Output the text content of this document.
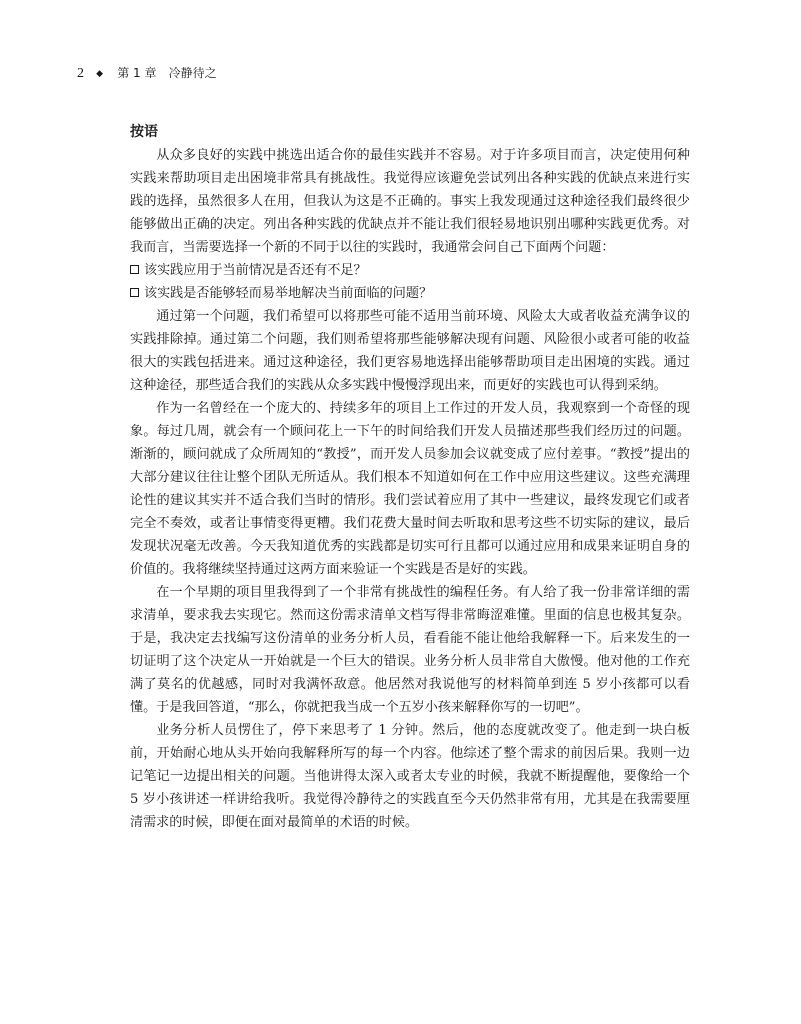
2 ◆ 第 1 章 冷静待之
按语

从众多良好的实践中挑选出适合你的最佳实践并不容易。对于许多项目而言，决定使用何种实践来帮助项目走出困境非常具有挑战性。我觉得应该避免尝试列出各种实践的优缺点来进行实践的选择，虽然很多人在用，但我认为这是不正确的。事实上我发现通过这种途径我们最终很少能够做出正确的决定。列出各种实践的优缺点并不能让我们很轻易地识别出哪种实践更优秀。对我而言，当需要选择一个新的不同于以往的实践时，我通常会问自己下面两个问题：

该实践应用于当前情况是否还有不足？

该实践是否能够轻而易举地解决当前面临的问题？

通过第一个问题，我们希望可以将那些可能不适用当前环境、风险太大或者收益充满争议的实践排除掉。通过第二个问题，我们则希望将那些能够解决现有问题、风险很小或者可能的收益很大的实践包括进来。通过这种途径，我们更容易地选择出能够帮助项目走出困境的实践。通过这种途径，那些适合我们的实践从众多实践中慢慢浮现出来，而更好的实践也可认得到采纳。

作为一名曾经在一个庞大的、持续多年的项目上工作过的开发人员，我观察到一个奇怪的现象。每过几周，就会有一个顾问花上一下午的时间给我们开发人员描述那些我们经历过的问题。渐渐的，顾问就成了众所周知的“教授”，而开发人员参加会议就变成了应付差事。“教授”提出的大部分建议往往让整个团队无所适从。我们根本不知道如何在工作中应用这些建议。这些充满理论性的建议其实并不适合我们当时的情形。我们尝试着应用了其中一些建议，最终发现它们或者完全不奏效，或者让事情变得更糟。我们花费大量时间去听取和思考这些不切实际的建议，最后发现状况毫无改善。今天我知道优秀的实践都是切实可行且都可以通过应用和成果来证明自身的价值的。我将继续坚持通过这两方面来验证一个实践是否是好的实践。

在一个早期的项目里我得到了一个非常有挑战性的编程任务。有人给了我一份非常详细的需求清单，要求我去实现它。然而这份需求清单文档写得非常晦涩难懂。里面的信息也极其复杂。于是，我决定去找编写这份清单的业务分析人员，看看能不能让他给我解释一下。后来发生的一切证明了这个决定从一开始就是一个巨大的错误。业务分析人员非常自大傲慢。他对他的工作充满了莫名的优越感，同时对我满怀敌意。他居然对我说他写的材料简单到连 5 岁小孩都可以看懂。于是我回答道，“那么，你就把我当成一个五岁小孩来解释你写的一切吧”。

业务分析人员愣住了，停下来思考了 1 分钟。然后，他的态度就改变了。他走到一块白板前，开始耐心地从头开始向我解释所写的每一个内容。他综述了整个需求的前因后果。我则一边记笔记一边提出相关的问题。当他讲得太深入或者太专业的时候，我就不断提醒他，要像给一个 5 岁小孩讲述一样讲给我听。我觉得冷静待之的实践直至今天仍然非常有用，尤其是在我需要厘清需求的时候，即便在面对最简单的术语的时候。
